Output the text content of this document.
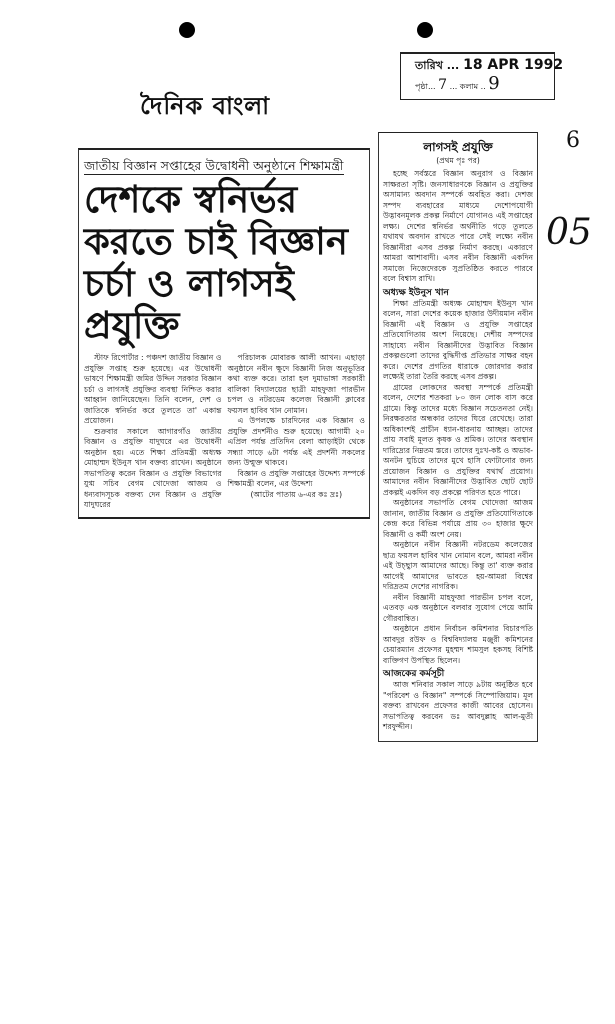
দৈনিক বাংলা
তারিখ ... 18 APR 1992
পৃষ্ঠা... 7 ... কলাম .. 9
6
05
জাতীয় বিজ্ঞান সপ্তাহের উদ্বোধনী অনুষ্ঠানে শিক্ষামন্ত্রী
দেশকে স্বনির্ভর করতে চাই বিজ্ঞান চর্চা ও লাগসই প্রযুক্তি

স্টাফ রিপোর্টার : পঞ্চদশ জাতীয় বিজ্ঞান ও প্রযুক্তি সপ্তাহ শুরু হয়েছে। এর উদ্বোধনী ভাষণে শিক্ষামন্ত্রী জমির উদ্দিন সরকার বিজ্ঞান চর্চা ও লাগসই প্রযুক্তির ব্যবস্থা নিশ্চিত করার আহ্বান জানিয়েছেন। তিনি বলেন, দেশ ও জাতিকে স্বনির্ভর করে তুলতে তা' একান্ত প্রয়োজন।

শুক্রবার সকালে আগারগাঁও জাতীয় বিজ্ঞান ও প্রযুক্তি যাদুঘরে এর উদ্বোধনী অনুষ্ঠান হয়। এতে শিক্ষা প্রতিমন্ত্রী অধ্যক্ষ মোহাম্মদ ইউনুস খান বক্তব্য রাখেন। অনুষ্ঠানে সভাপতিত্ব করেন বিজ্ঞান ও প্রযুক্তি বিভাগের যুগ্ম সচিব বেগম খোদেজা আজম ও ধন্যবাদসূচক বক্তব্য দেন বিজ্ঞান ও প্রযুক্তি যাদুঘরের

পরিচালক মোবারক আলী আখন। এছাড়া অনুষ্ঠানে নবীন ক্ষুদে বিজ্ঞানী নিজ অনুভূতির কথা ব্যক্ত করে। তারা হল দুমাভাঙ্গা সরকারী বালিকা বিদ্যালয়ের ছাত্রী মাহফুজা পারভীন চপল ও নটরডেম কলেজ বিজ্ঞানী ক্লাবের ফয়সল হাবিব খান নোমান।

এ উপলক্ষে চারদিনের এক বিজ্ঞান ও প্রযুক্তি প্রদর্শনীও শুরু হয়েছে। আগামী ২০ এপ্রিল পর্যন্ত প্রতিদিন বেলা আড়াইটা থেকে সন্ধ্যা সাড়ে ৬টা পর্যন্ত এই প্রদর্শনী সকলের জন্য উন্মুক্ত থাকবে।

বিজ্ঞান ও প্রযুক্তি সপ্তাহের উদ্দেশ্য সম্পর্কে শিক্ষামন্ত্রী বলেন, এর উদ্দেশ্য

(আটের পাতায় ৬-এর কঃ দ্রঃ)

লাগসই প্রযুক্তি
(প্রথম পৃঃ পর)

হচ্ছে সর্বস্তরে বিজ্ঞান অনুরাগ ও বিজ্ঞান সাক্ষরতা সৃষ্টি। জনসাধারণকে বিজ্ঞান ও প্রযুক্তির অসামান্য অবদান সম্পর্কে অবহিত করা। দেশজ সম্পদ ব্যবহারের মাধ্যমে দেশোপযোগী উদ্ভাবনমূলক প্রকল্প নির্মাণে যোগানও এই সপ্তাহের লক্ষ্য। দেশের স্বনির্ভর অর্থনীতি গড়ে তুলতে যথাযথ অবদান রাখতে পারে সেই লক্ষ্যে নবীন বিজ্ঞানীরা এসব প্রকল্প নির্মাণ করছে। একারণে আমরা আশাবাদী। এসব নবীন বিজ্ঞানী একদিন সমাজে নিজেদেরকে সুপ্রতিষ্ঠিত করতে পারবে বলে বিশ্বাস রাখি।

অধ্যক্ষ ইউনুস খান

শিক্ষা প্রতিমন্ত্রী অধ্যক্ষ মোহাম্মদ ইউনুস খান বলেন, সারা দেশের কয়েক হাজার উদীয়মান নবীন বিজ্ঞানী এই বিজ্ঞান ও প্রযুক্তি সপ্তাহের প্রতিযোগিতায় অংশ নিয়েছে। দেশীয় সম্পদের সাহায্যে নবীন বিজ্ঞানীদের উদ্ভাবিত বিজ্ঞান প্রকল্পগুলো তাদের বুদ্ধিদীপ্ত প্রতিভার সাক্ষর বহন করে। দেশের প্রগতির ধারাকে জোরদার করার লক্ষ্যেই তারা তৈরি করছে এসব প্রকল্প।

গ্রামের লোকদের অবস্থা সম্পর্কে প্রতিমন্ত্রী বলেন, দেশের শতকরা ৮০ জন লোক বাস করে গ্রামে। কিন্তু তাদের মধ্যে বিজ্ঞান সচেতনতা নেই। নিরক্ষরতার অন্ধকার তাদের ঘিরে রেখেছে। তারা অধিকাংশই প্রাচীন ধ্যান-ধারনায় আচ্ছন্ন। তাদের প্রায় সবাই মূলত কৃষক ও শ্রমিক। তাদের অবস্থান দারিদ্র্যের নিম্নতম স্তরে। তাদের দুঃখ-কষ্ট ও অভাব-অনটন ঘুচিয়ে তাদের মুখে হাসি ফোটানোর জন্য প্রয়োজন বিজ্ঞান ও প্রযুক্তির যথার্থ প্রয়োগ। আমাদের নবীন বিজ্ঞানীদের উদ্ভাবিত ছোট ছোট প্রকল্পই একদিন বড় প্রকল্পে পরিণত হতে পারে।

অনুষ্ঠানের সভাপতি বেগম খোদেজা আজম জানান, জাতীয় বিজ্ঞান ও প্রযুক্তি প্রতিযোগিতাকে কেন্দ্র করে বিভিন্ন পর্যায়ে প্রায় ৩০ হাজার ক্ষুদে বিজ্ঞানী ও কর্মী অংশ নেয়।

অনুষ্ঠানে নবীন বিজ্ঞানী নটরডেম কলেজের ছাত্র ফয়সল হাবিব খান নোমান বলে, আমরা নবীন এই উচ্ছ্বাস আমাদের আছে। কিন্তু তা' ব্যক্ত করার আগেই আমাদের ভাবতে হয়-আমরা বিশ্বের দরিদ্রতম দেশের নাগরিক।

নবীন বিজ্ঞানী মাহফুজা পারভীন চপল বলে, এতবড় এক অনুষ্ঠানে বলবার সুযোগ পেয়ে আমি গৌরবান্বিত।

অনুষ্ঠানে প্রধান নির্বাচন কমিশনার বিচারপতি আবদুর রউফ ও বিশ্ববিদ্যালয় মঞ্জুরী কমিশনের চেয়ারম্যান প্রফেসর মুহম্মদ শামসুল হকসহ বিশিষ্ট ব্যক্তিগণ উপস্থিত ছিলেন।

আজকের কর্মসূচী

আজ শনিবার সকাল সাড়ে ৯টায় অনুষ্ঠিত হবে "পরিবেশ ও বিজ্ঞান" সম্পর্কে সিম্পোজিয়াম। মূল বক্তব্য রাখবেন প্রফেসর কাজী আবের হোসেন। সভাপতিত্ব করবেন ডঃ আবদুল্লাহ আল-মুতী শরফুদ্দীন।
